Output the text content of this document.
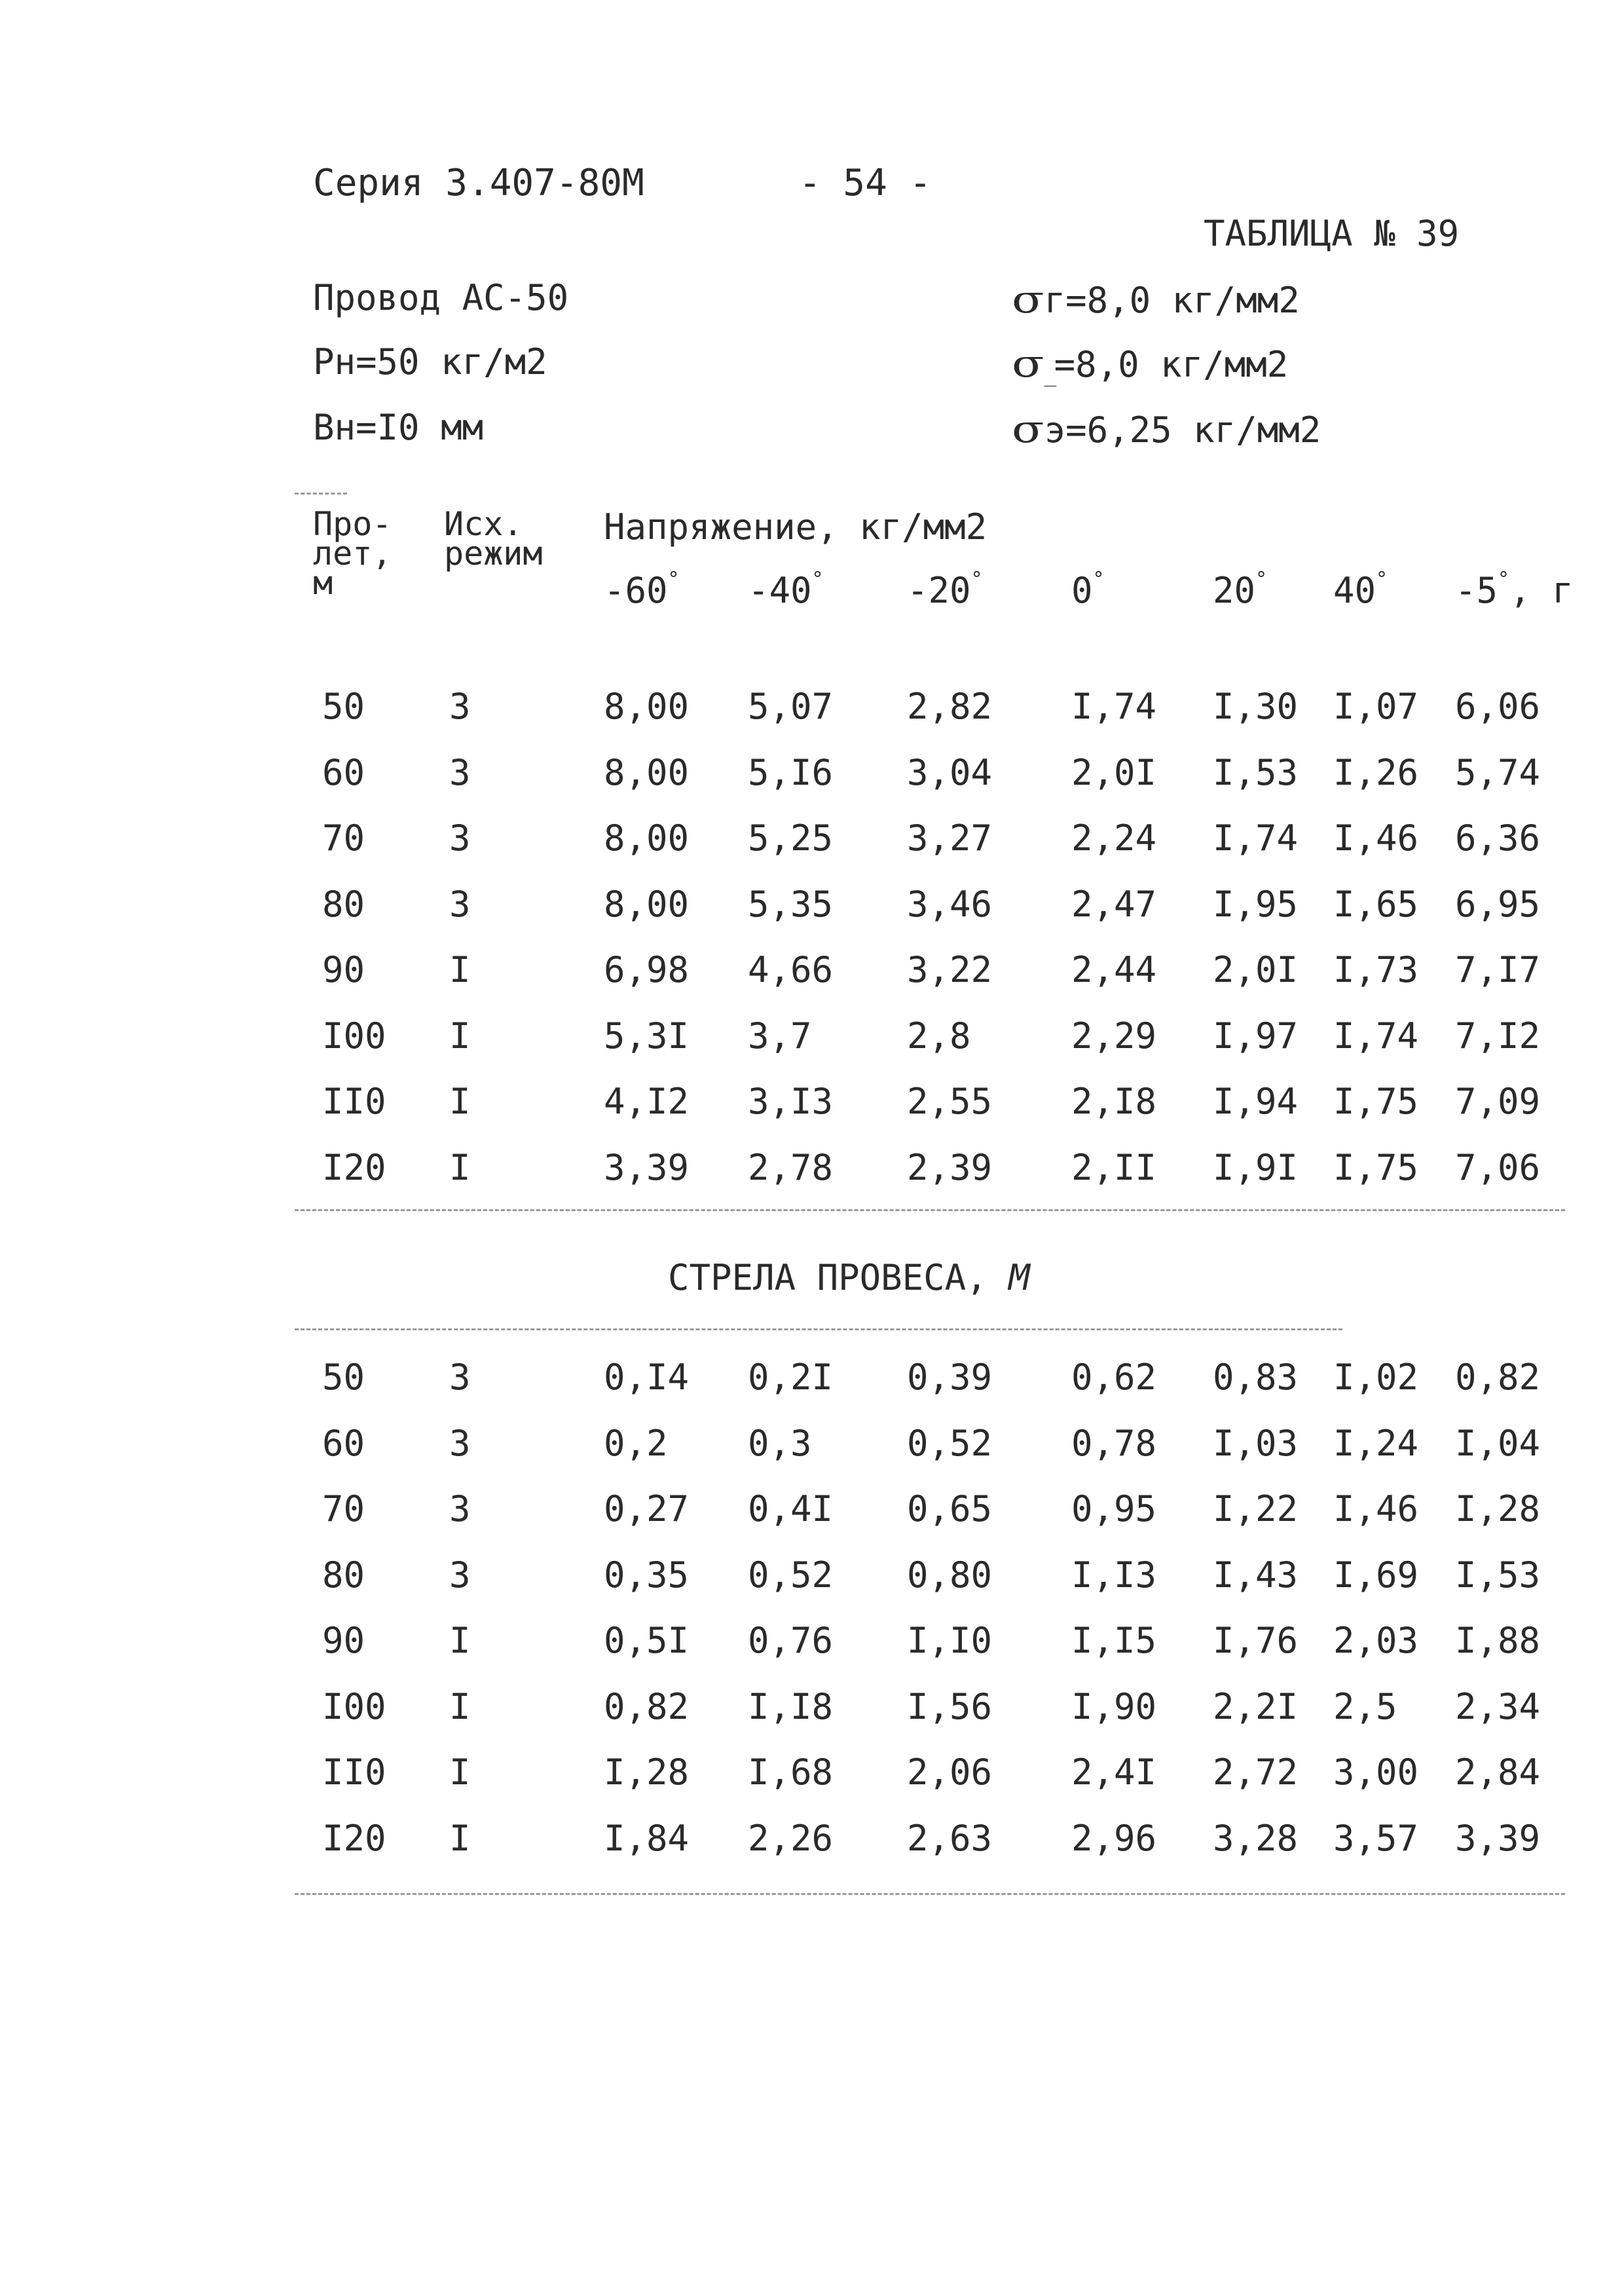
Серия 3.407-80М	- 54 -
ТАБЛИЦА № 39
Провод АС-50
Рн=50 кг/м2
Вн=I0 мм
σг=8,0 кг/мм2
σ_=8,0 кг/мм2
σэ=6,25 кг/мм2
Про-
лет,
м
Исх.
режим
Напряжение, кг/мм2
-60° -40° -20°	0°	20° 40° -5°, г
50 3	8,00 5,07 2,82 I,74 I,30 I,07 6,06
60 3	8,00 5,I6 3,04 2,0I I,53 I,26 5,74
70 3	8,00 5,25 3,27 2,24 I,74 I,46 6,36
80 3	8,00 5,35 3,46 2,47 I,95 I,65 6,95
90 I	6,98 4,66 3,22 2,44 2,0I I,73 7,I7
I00 I	5,3I 3,7	2,8	2,29 I,97 I,74 7,I2
II0 I	4,I2 3,I3 2,55 2,I8 I,94 I,75 7,09
I20 I	3,39 2,78 2,39 2,II I,9I I,75 7,06
СТРЕЛА ПРОВЕСА, М
50 3	0,I4 0,2I 0,39 0,62 0,83 I,02 0,82
60 3	0,2 0,3	0,52 0,78 I,03 I,24 I,04
70 3	0,27 0,4I 0,65 0,95 I,22 I,46 I,28
80 3	0,35 0,52 0,80 I,I3 I,43 I,69 I,53
90 I	0,5I 0,76 I,I0 I,I5 I,76 2,03 I,88
I00 I	0,82 I,I8 I,56 I,90 2,2I 2,5 2,34
II0 I	I,28 I,68 2,06 2,4I 2,72 3,00 2,84
I20 I	I,84 2,26 2,63 2,96 3,28 3,57 3,39
